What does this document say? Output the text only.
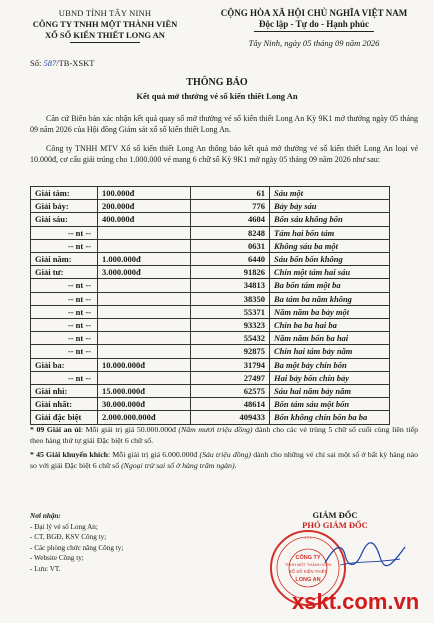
UBND TỈNH TÂY NINH
CÔNG TY TNHH MỘT THÀNH VIÊN
XỔ SỐ KIẾN THIẾT LONG AN
CỘNG HÒA XÃ HỘI CHỦ NGHĨA VIỆT NAM
Độc lập - Tự do - Hạnh phúc
Tây Ninh, ngày 05 tháng 09 năm 2026
Số: 587/TB-XSKT
THÔNG BÁO
Kết quả mở thưởng vé số kiến thiết Long An
Căn cứ Biên bản xác nhận kết quả quay số mở thưởng vé số kiến thiết Long An Kỳ 9K1 mở thưởng ngày 05 tháng 09 năm 2026 của Hội đồng Giám sát xổ số kiến thiết Long An.
Công ty TNHH MTV Xổ số kiến thiết Long An thông báo kết quả mở thưởng vé số kiến thiết Long An loại vé 10.000đ, cơ cấu giải trúng cho 1.000.000 vé mang 6 chữ số Kỳ 9K1 mở ngày 05 tháng 09 năm 2026 như sau:
Giải tám:	100.000đ	61	Sáu một
Giải bảy:	200.000đ	776	Bảy bảy sáu
Giải sáu:	400.000đ	4604	Bốn sáu không bốn
-- nt --		8248	Tám hai bốn tám
-- nt --		0631	Không sáu ba một
Giải năm:	1.000.000đ	6440	Sáu bốn bốn không
Giải tư:	3.000.000đ	91826	Chín một tám hai sáu
-- nt --		34813	Ba bốn tám một ba
-- nt --		38350	Ba tám ba năm không
-- nt --		55371	Năm năm ba bảy một
-- nt --		93323	Chín ba ba hai ba
-- nt --		55432	Năm năm bốn ba hai
-- nt --		92875	Chín hai tám bảy năm
Giải ba:	10.000.000đ	31794	Ba một bảy chín bốn
-- nt --		27497	Hai bảy bốn chín bảy
Giải nhì:	15.000.000đ	62575	Sáu hai năm bảy năm
Giải nhất:	30.000.000đ	48614	Bốn tám sáu một bốn
Giải đặc biệt	2.000.000.000đ	409433	Bốn không chín bốn ba ba
* 09 Giải an ủi: Mỗi giải trị giá 50.000.000đ (Năm mươi triệu đồng) dành cho các vé trùng 5 chữ số cuối cùng liên tiếp theo hàng thứ tự giải Đặc biệt 6 chữ số.
* 45 Giải khuyến khích: Mỗi giải trị giá 6.000.000đ (Sáu triệu đồng) dành cho những vé chỉ sai một số ở bất kỳ hàng nào so với giải Đặc biệt 6 chữ số (Ngoại trừ sai số ở hàng trăm ngàn).
Nơi nhận:
- Đại lý vé số Long An;
- CT, BGĐ, KSV Công ty;
- Các phòng chức năng Công ty;
- Website Công ty;
- Lưu: VT.
GIÁM ĐỐC
PHÓ GIÁM ĐỐC
CÔNG TY
TNHH MỘT THÀNH VIÊN
XỔ SỐ KIẾN THIẾT
LONG AN
* * *
xskt.com.vn
